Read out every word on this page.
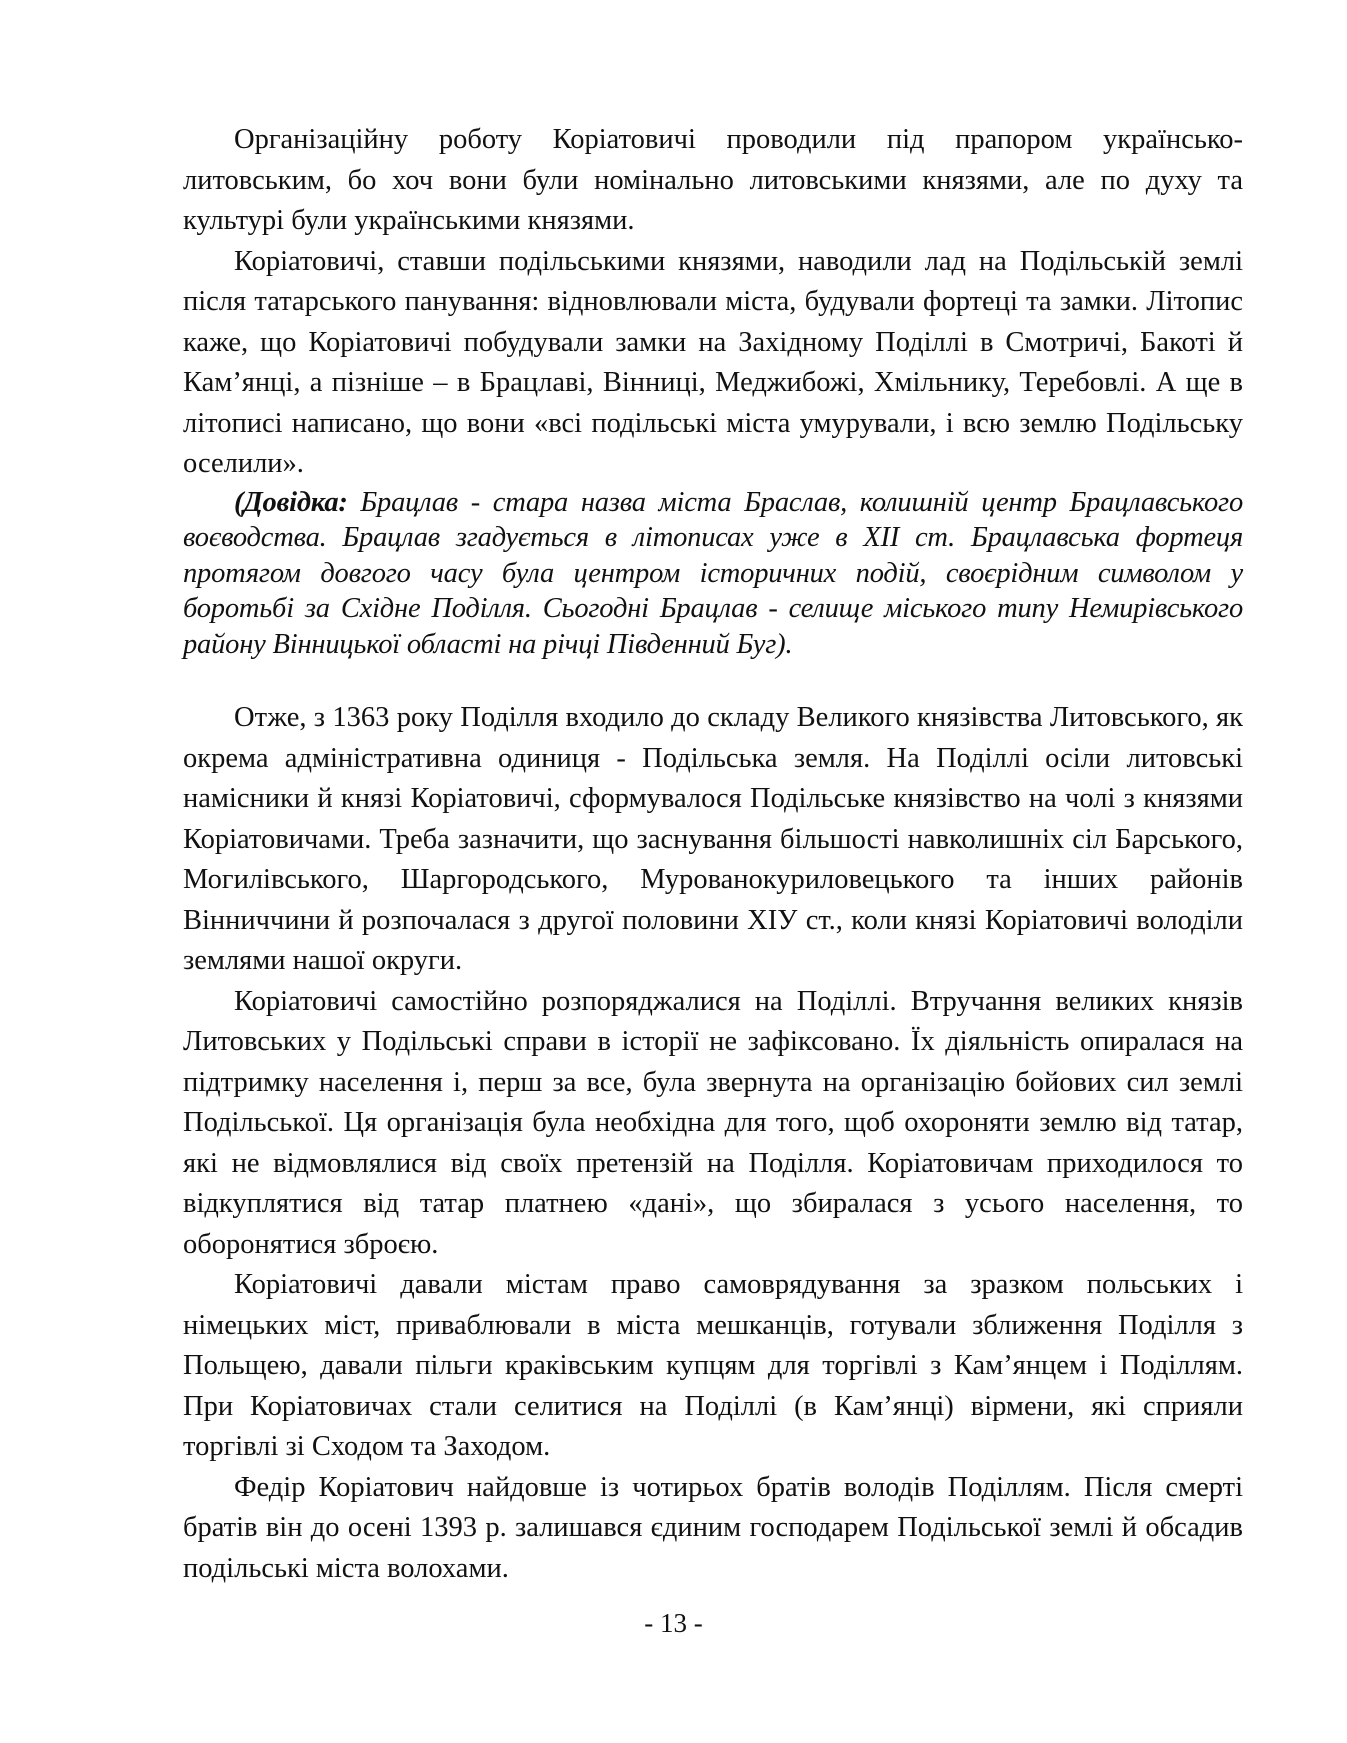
Організаційну роботу Коріатовичі проводили під прапором українсько-литовським, бо хоч вони були номінально литовськими князями, але по духу та культурі були українськими князями.

Коріатовичі, ставши подільськими князями, наводили лад на Подільській землі після татарського панування: відновлювали міста, будували фортеці та замки. Літопис каже, що Коріатовичі побудували замки на Західному Поділлі в Смотричі, Бакоті й Кам’янці, а пізніше – в Брацлаві, Вінниці, Меджибожі, Хмільнику, Теребовлі. А ще в літописі написано, що вони «всі подільські міста умурували, і всю землю Подільську оселили».

(Довідка: Брацлав - стара назва міста Браслав, колишній центр Брацлавського воєводства. Брацлав згадується в літописах уже в XII ст. Брацлавська фортеця протягом довгого часу була центром історичних подій, своєрідним символом у боротьбі за Східне Поділля. Сьогодні Брацлав - селище міського типу Немирівського району Вінницької області на річці Південний Буг).

Отже, з 1363 року Поділля входило до складу Великого князівства Литовського, як окрема адміністративна одиниця - Подільська земля. На Поділлі осіли литовські намісники й князі Коріатовичі, сформувалося Подільське князівство на чолі з князями Коріатовичами. Треба зазначити, що заснування більшості навколишніх сіл Барського, Могилівського, Шаргородського, Мурованокуриловецького та інших районів Вінниччини й розпочалася з другої половини XIУ ст., коли князі Коріатовичі володіли землями нашої округи.

Коріатовичі самостійно розпоряджалися на Поділлі. Втручання великих князів Литовських у Подільські справи в історії не зафіксовано. Їх діяльність опиралася на підтримку населення і, перш за все, була звернута на організацію бойових сил землі Подільської. Ця організація була необхідна для того, щоб охороняти землю від татар, які не відмовлялися від своїх претензій на Поділля. Коріатовичам приходилося то відкуплятися від татар платнею «дані», що збиралася з усього населення, то оборонятися зброєю.

Коріатовичі давали містам право самоврядування за зразком польських і німецьких міст, приваблювали в міста мешканців, готували зближення Поділля з Польщею, давали пільги краківським купцям для торгівлі з Кам’янцем і Поділлям. При Коріатовичах стали селитися на Поділлі (в Кам’янці) вірмени, які сприяли торгівлі зі Сходом та Заходом.

Федір Коріатович найдовше із чотирьох братів володів Поділлям. Після смерті братів він до осені 1393 р. залишався єдиним господарем Подільської землі й обсадив подільські міста волохами.

- 13 -
